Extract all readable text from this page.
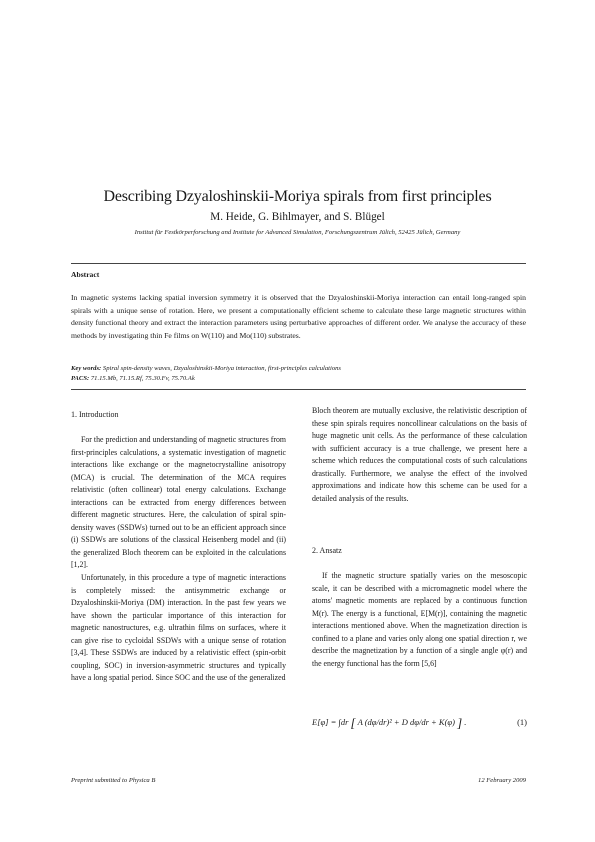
Describing Dzyaloshinskii-Moriya spirals from first principles
M. Heide, G. Bihlmayer, and S. Blügel
Institut für Festkörperforschung and Institute for Advanced Simulation, Forschungszentrum Jülich, 52425 Jülich, Germany
Abstract
In magnetic systems lacking spatial inversion symmetry it is observed that the Dzyaloshinskii-Moriya interaction can entail long-ranged spin spirals with a unique sense of rotation. Here, we present a computationally efficient scheme to calculate these large magnetic structures within density functional theory and extract the interaction parameters using perturbative approaches of different order. We analyse the accuracy of these methods by investigating thin Fe films on W(110) and Mo(110) substrates.
Key words: Spiral spin-density waves, Dzyaloshinskii-Moriya interaction, first-principles calculations
PACS: 71.15.Mb, 71.15.Rf, 75.30.Fv, 75.70.Ak
1. Introduction

For the prediction and understanding of magnetic structures from first-principles calculations, a systematic investigation of magnetic interactions like exchange or the magnetocrystalline anisotropy (MCA) is crucial. The determination of the MCA requires relativistic (often collinear) total energy calculations. Exchange interactions can be extracted from energy differences between different magnetic structures. Here, the calculation of spiral spin-density waves (SSDWs) turned out to be an efficient approach since (i) SSDWs are solutions of the classical Heisenberg model and (ii) the generalized Bloch theorem can be exploited in the calculations [1,2].

Unfortunately, in this procedure a type of magnetic interactions is completely missed: the antisymmetric exchange or Dzyaloshinskii-Moriya (DM) interaction. In the past few years we have shown the particular importance of this interaction for magnetic nanostructures, e.g. ultrathin films on surfaces, where it can give rise to cycloidal SSDWs with a unique sense of rotation [3,4]. These SSDWs are induced by a relativistic effect (spin-orbit coupling, SOC) in inversion-asymmetric structures and typically have a long spatial period. Since SOC and the use of the generalized

Bloch theorem are mutually exclusive, the relativistic description of these spin spirals requires noncollinear calculations on the basis of huge magnetic unit cells. As the performance of these calculation with sufficient accuracy is a true challenge, we present here a scheme which reduces the computational costs of such calculations drastically. Furthermore, we analyse the effect of the involved approximations and indicate how this scheme can be used for a detailed analysis of the results.

2. Ansatz

If the magnetic structure spatially varies on the mesoscopic scale, it can be described with a micromagnetic model where the atoms' magnetic moments are replaced by a continuous function M(r). The energy is a functional, E[M(r)], containing the magnetic interactions mentioned above. When the magnetization direction is confined to a plane and varies only along one spatial direction r, we describe the magnetization by a function of a single angle φ(r) and the energy functional has the form [5,6]

E[φ] = ∫dr [ A (dφ/dr)² + D dφ/dr + K(φ) ] .	(1)
Preprint submitted to Physica B	12 February 2009
